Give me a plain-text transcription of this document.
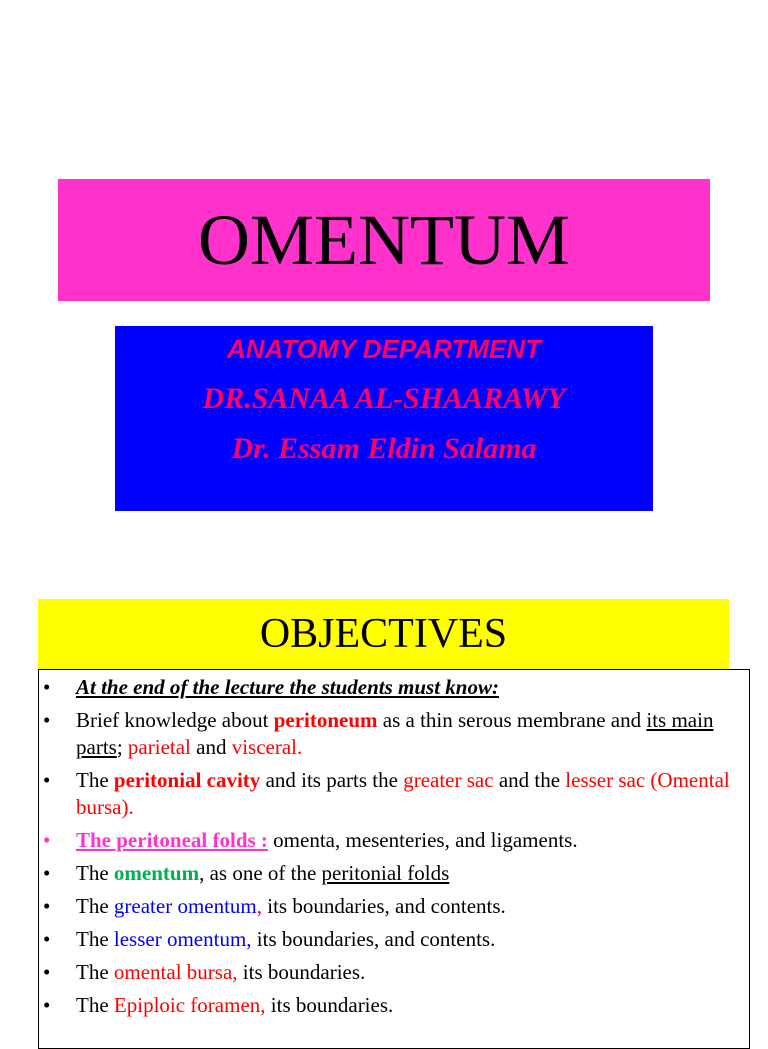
OMENTUM
ANATOMY DEPARTMENT
DR.SANAA AL-SHAARAWY
Dr. Essam Eldin Salama
OBJECTIVES
• At the end of the lecture the students must know:
• Brief knowledge about peritoneum as a thin serous membrane and its main parts; parietal and visceral.
• The peritonial cavity and its parts the greater sac and the lesser sac (Omental bursa).
• The peritoneal folds : omenta, mesenteries, and ligaments.
• The omentum, as one of the peritonial folds
• The greater omentum, its boundaries, and contents.
• The lesser omentum, its boundaries, and contents.
• The omental bursa, its boundaries.
• The Epiploic foramen, its boundaries.
